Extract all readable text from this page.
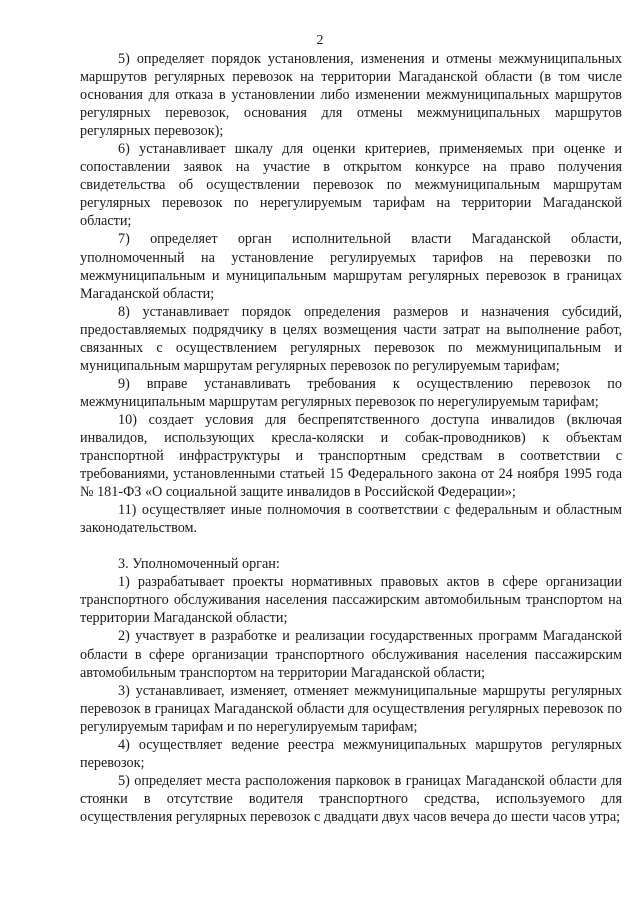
2

5) определяет порядок установления, изменения и отмены межмуниципальных маршрутов регулярных перевозок на территории Магаданской области (в том числе основания для отказа в установлении либо изменении межмуниципальных маршрутов регулярных перевозок, основания для отмены межмуниципальных маршрутов регулярных перевозок);

6) устанавливает шкалу для оценки критериев, применяемых при оценке и сопоставлении заявок на участие в открытом конкурсе на право получения свидетельства об осуществлении перевозок по межмуниципальным маршрутам регулярных перевозок по нерегулируемым тарифам на территории Магаданской области;

7) определяет орган исполнительной власти Магаданской области, уполномоченный на установление регулируемых тарифов на перевозки по межмуниципальным и муниципальным маршрутам регулярных перевозок в границах Магаданской области;

8) устанавливает порядок определения размеров и назначения субсидий, предоставляемых подрядчику в целях возмещения части затрат на выполнение работ, связанных с осуществлением регулярных перевозок по межмуниципальным и муниципальным маршрутам регулярных перевозок по регулируемым тарифам;

9) вправе устанавливать требования к осуществлению перевозок по межмуниципальным маршрутам регулярных перевозок по нерегулируемым тарифам;

10) создает условия для беспрепятственного доступа инвалидов (включая инвалидов, использующих кресла-коляски и собак-проводников) к объектам транспортной инфраструктуры и транспортным средствам в соответствии с требованиями, установленными статьей 15 Федерального закона от 24 ноября 1995 года № 181-ФЗ «О социальной защите инвалидов в Российской Федерации»;

11) осуществляет иные полномочия в соответствии с федеральным и областным законодательством.

3. Уполномоченный орган:

1) разрабатывает проекты нормативных правовых актов в сфере организации транспортного обслуживания населения пассажирским автомобильным транспортом на территории Магаданской области;

2) участвует в разработке и реализации государственных программ Магаданской области в сфере организации транспортного обслуживания населения пассажирским автомобильным транспортом на территории Магаданской области;

3) устанавливает, изменяет, отменяет межмуниципальные маршруты регулярных перевозок в границах Магаданской области для осуществления регулярных перевозок по регулируемым тарифам и по нерегулируемым тарифам;

4) осуществляет ведение реестра межмуниципальных маршрутов регулярных перевозок;

5) определяет места расположения парковок в границах Магаданской области для стоянки в отсутствие водителя транспортного средства, используемого для осуществления регулярных перевозок с двадцати двух часов вечера до шести часов утра;
